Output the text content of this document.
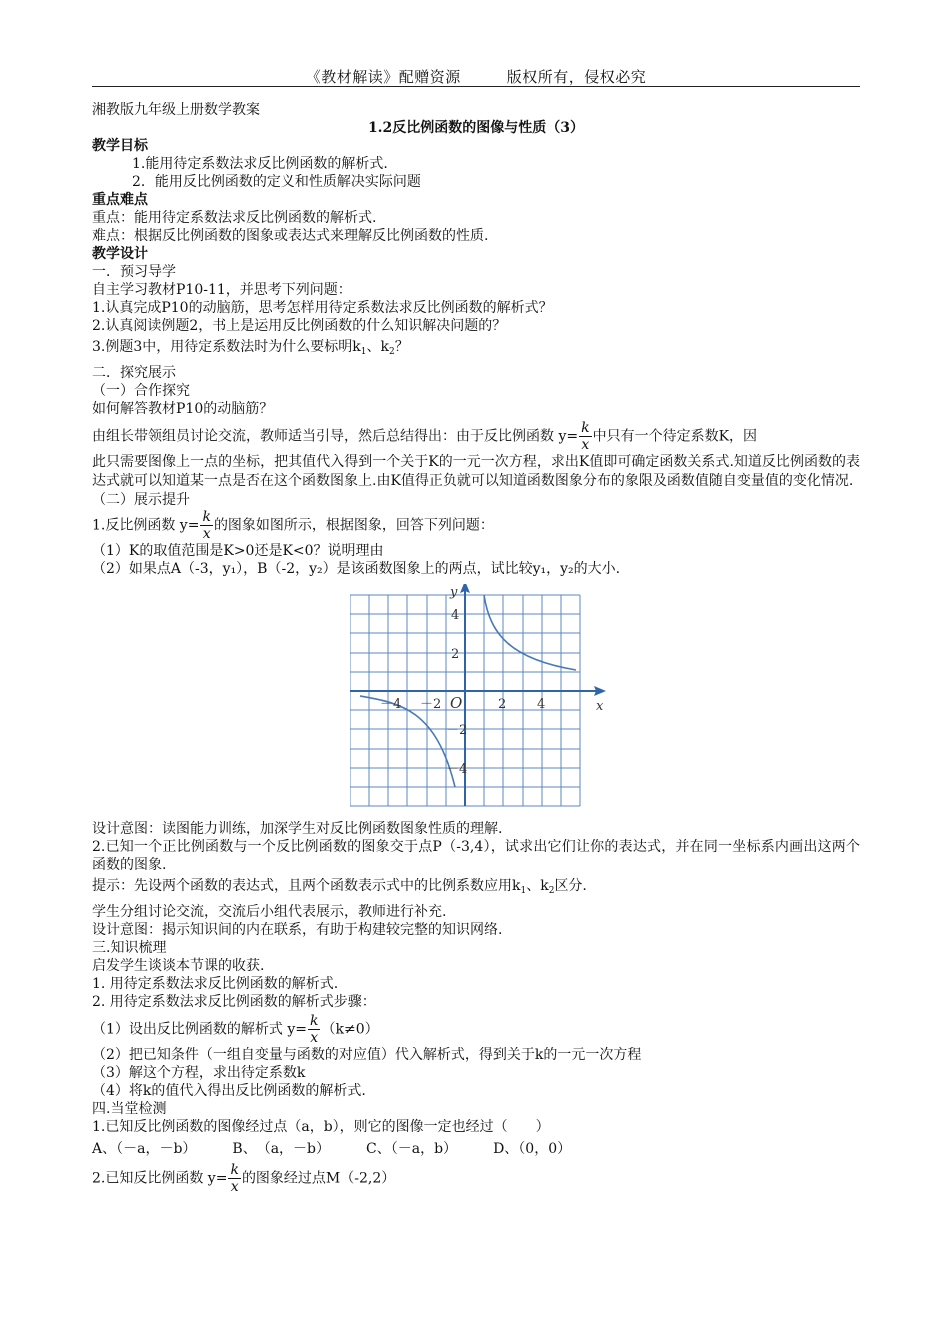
《教材解读》配赠资源	版权所有，侵权必究

湘教版九年级上册数学教案

1.2反比例函数的图像与性质（3）

教学目标

1.能用待定系数法求反比例函数的解析式.

2．能用反比例函数的定义和性质解决实际问题

重点难点

重点：能用待定系数法求反比例函数的解析式.

难点：根据反比例函数的图象或表达式来理解反比例函数的性质.

教学设计

一．预习导学

自主学习教材P10-11，并思考下列问题：

1.认真完成P10的动脑筋，思考怎样用待定系数法求反比例函数的解析式？

2.认真阅读例题2，书上是运用反比例函数的什么知识解决问题的？

3.例题3中，用待定系数法时为什么要标明$k_1$、$k_2$？

二．探究展示

（一）合作探究

如何解答教材P10的动脑筋？

由组长带领组员讨论交流，教师适当引导，然后总结得出：由于反比例函数 $y= \frac{k}{x}$ 中只有一个待定系数K，因

此只需要图像上一点的坐标，把其值代入得到一个关于K的一元一次方程，求出K值即可确定函数关系式.知道反比例函数的表达式就可以知道某一点是否在这个函数图象上.由K值得正负就可以知道函数图象分布的象限及函数值随自变量值的变化情况.

（二）展示提升

1.反比例函数 $y= \frac{k}{x}$ 的图象如图所示，根据图象，回答下列问题：

（1）K的取值范围是K>0还是K<0？说明理由

（2）如果点A（-3，y₁），B（-2，y₂）是该函数图象上的两点，试比较y₁，y₂的大小.

y
x
O
－4 －2	2 4
4
2
－2
－4

设计意图：读图能力训练，加深学生对反比例函数图象性质的理解.

2.已知一个正比例函数与一个反比例函数的图象交于点P（-3,4），试求出它们让你的表达式，并在同一坐标系内画出这两个函数的图象.

提示：先设两个函数的表达式，且两个函数表示式中的比例系数应用$k_1$、$k_2$区分.

学生分组讨论交流，交流后小组代表展示，教师进行补充.

设计意图：揭示知识间的内在联系，有助于构建较完整的知识网络.

三.知识梳理

启发学生谈谈本节课的收获.

1. 用待定系数法求反比例函数的解析式.

2. 用待定系数法求反比例函数的解析式步骤：

（1）设出反比例函数的解析式 $y= \frac{k}{x} (k\ne 0)$

（2）把已知条件（一组自变量与函数的对应值）代入解析式，得到关于k的一元一次方程

（3）解这个方程，求出待定系数k

（4）将k的值代入得出反比例函数的解析式.

四.当堂检测

1.已知反比例函数的图像经过点（a，b），则它的图像一定也经过（　　）

A、（－a，－b）	B、　（a，－b）	C、（－a，b）	D、（0，0）

2.已知反比例函数 $y= \frac{k}{x}$ 的图象经过点M（-2,2）
